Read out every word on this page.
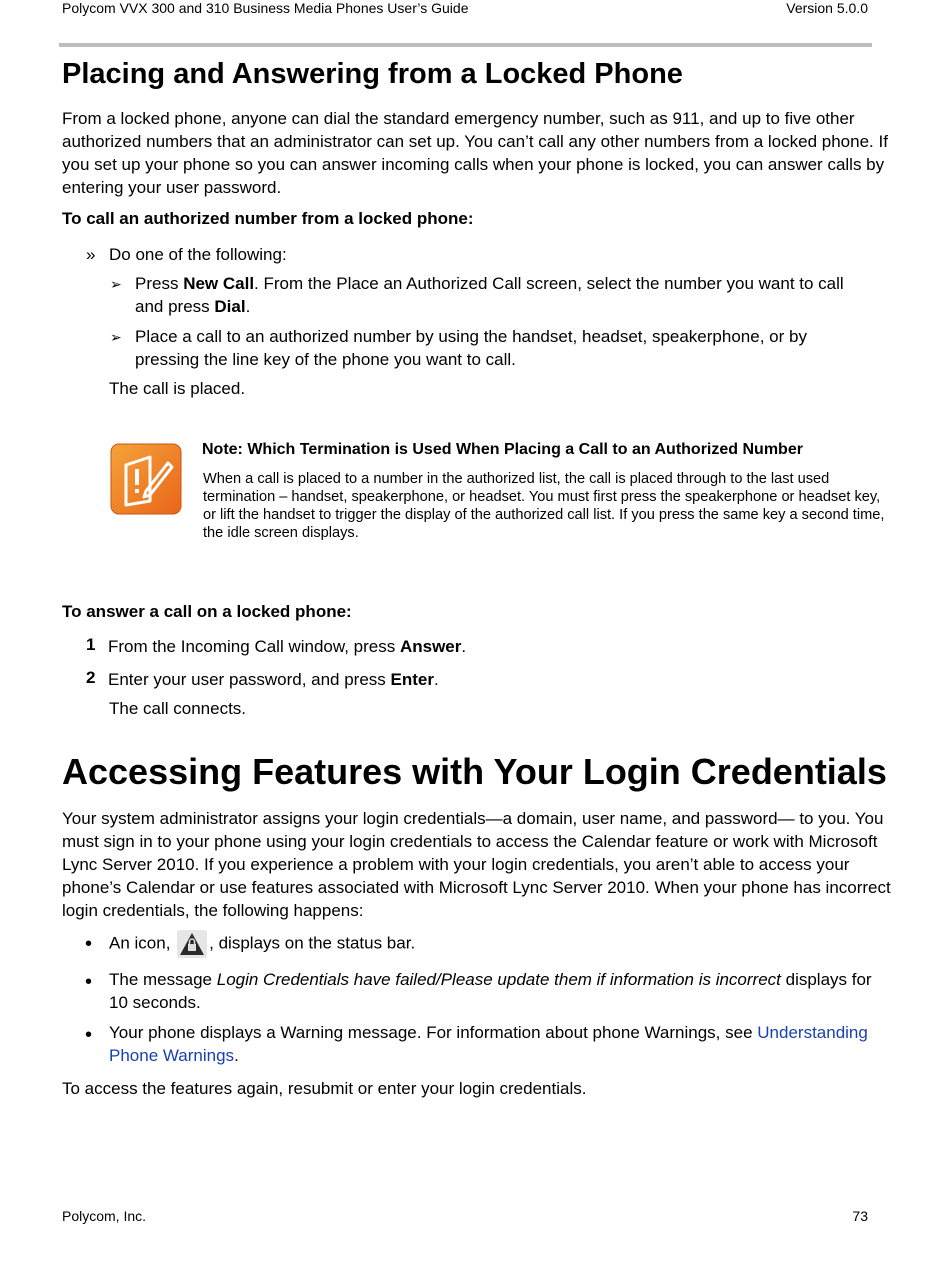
Polycom VVX 300 and 310 Business Media Phones User’s Guide	Version 5.0.0
Placing and Answering from a Locked Phone

From a locked phone, anyone can dial the standard emergency number, such as 911, and up to five other authorized numbers that an administrator can set up. You can’t call any other numbers from a locked phone. If you set up your phone so you can answer incoming calls when your phone is locked, you can answer calls by entering your user password.

To call an authorized number from a locked phone:
» Do one of the following:
➢ Press New Call. From the Place an Authorized Call screen, select the number you want to call and press Dial.
➢ Place a call to an authorized number by using the handset, headset, speakerphone, or by pressing the line key of the phone you want to call.
The call is placed.
Note: Which Termination is Used When Placing a Call to an Authorized Number
When a call is placed to a number in the authorized list, the call is placed through to the last used termination – handset, speakerphone, or headset. You must first press the speakerphone or headset key, or lift the handset to trigger the display of the authorized call list. If you press the same key a second time, the idle screen displays.
To answer a call on a locked phone:
1 From the Incoming Call window, press Answer.
2 Enter your user password, and press Enter.
The call connects.
Accessing Features with Your Login Credentials

Your system administrator assigns your login credentials—a domain, user name, and password— to you. You must sign in to your phone using your login credentials to access the Calendar feature or work with Microsoft Lync Server 2010. If you experience a problem with your login credentials, you aren’t able to access your phone’s Calendar or use features associated with Microsoft Lync Server 2010. When your phone has incorrect login credentials, the following happens:

• An icon, , displays on the status bar.
• The message Login Credentials have failed/Please update them if information is incorrect displays for 10 seconds.
• Your phone displays a Warning message. For information about phone Warnings, see Understanding Phone Warnings.
To access the features again, resubmit or enter your login credentials.
Polycom, Inc.	73
